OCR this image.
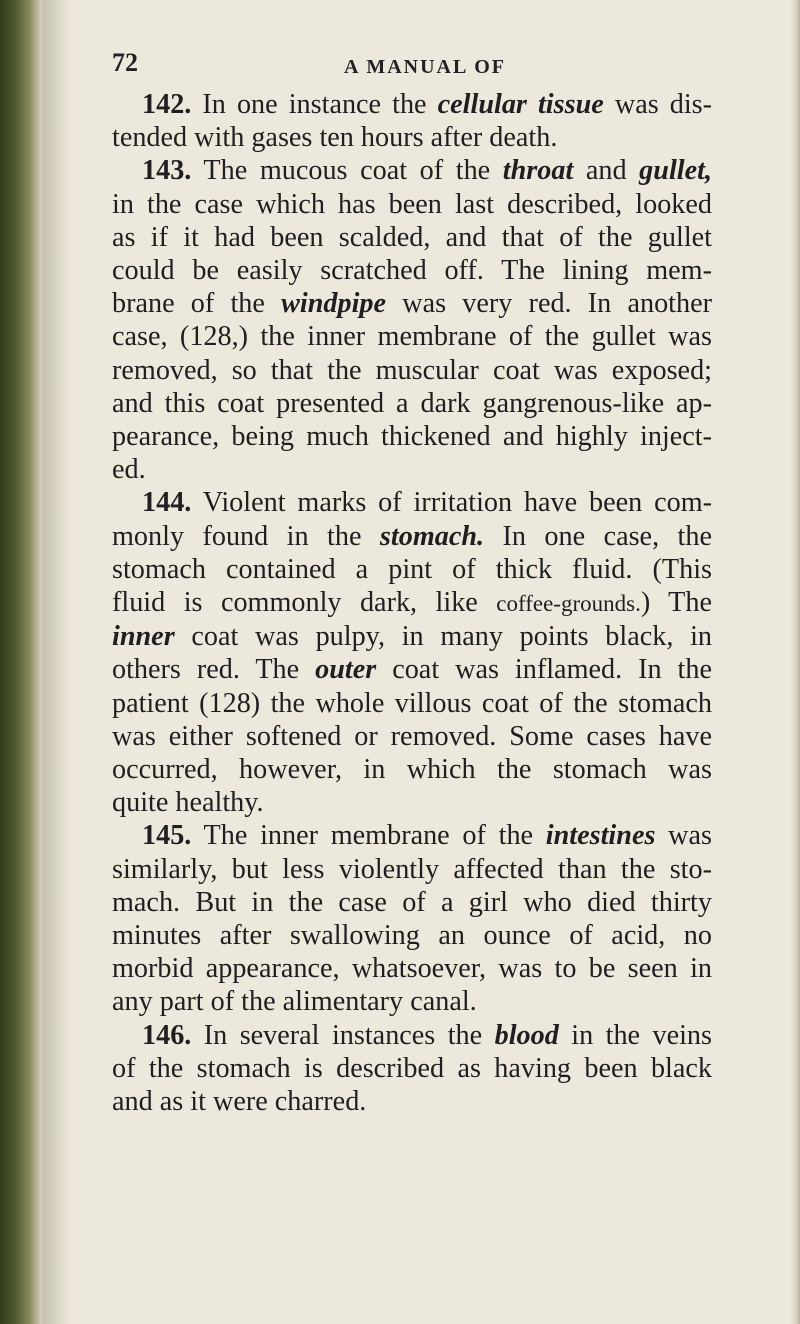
72	A MANUAL OF
142. In one instance the cellular tissue was dis-
tended with gases ten hours after death.
143. The mucous coat of the throat and gullet,
in the case which has been last described, looked
as if it had been scalded, and that of the gullet
could be easily scratched off. The lining mem-
brane of the windpipe was very red. In another
case, (128,) the inner membrane of the gullet was
removed, so that the muscular coat was exposed;
and this coat presented a dark gangrenous-like ap-
pearance, being much thickened and highly inject-
ed.
144. Violent marks of irritation have been com-
monly found in the stomach. In one case, the
stomach contained a pint of thick fluid. (This
fluid is commonly dark, like coffee-grounds.) The
inner coat was pulpy, in many points black, in
others red. The outer coat was inflamed. In the
patient (128) the whole villous coat of the stomach
was either softened or removed. Some cases have
occurred, however, in which the stomach was
quite healthy.
145. The inner membrane of the intestines was
similarly, but less violently affected than the sto-
mach. But in the case of a girl who died thirty
minutes after swallowing an ounce of acid, no
morbid appearance, whatsoever, was to be seen in
any part of the alimentary canal.
146. In several instances the blood in the veins
of the stomach is described as having been black
and as it were charred.
